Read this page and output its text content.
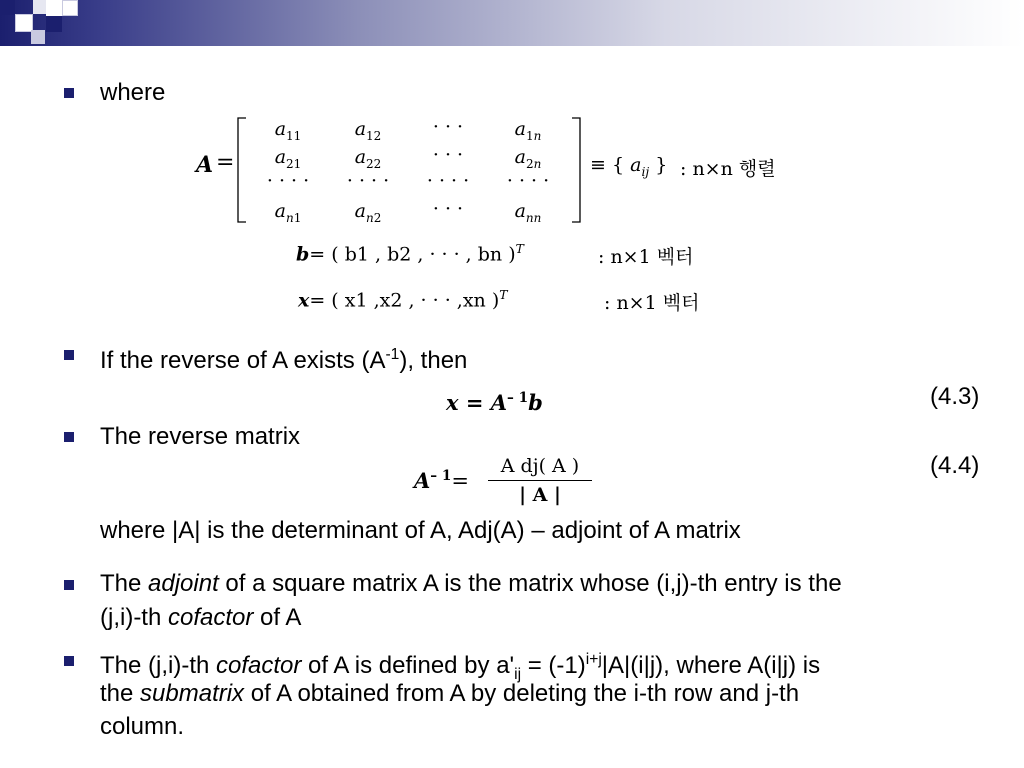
where
A =
$a_{11}$	$a_{12}$	· · ·	$a_{1n}$
$a_{21}$	$a_{22}$	· · ·	$a_{2n}$
· · · ·	· · · ·	· · · ·	· · · ·
$a_{n1}$	$a_{n2}$	· · ·	$a_{nn}$
≡ { $a_{ij}$ } : n×n 행렬
b= ( b1 , b2 , · · · , bn )$^T$	: n×1 벡터
x= ( x1 ,x2 , · · · ,xn )$^T$	: n×1 벡터
If the reverse of A exists $(A^{-1})$, then
$x = A^{- 1}b$	(4.3)
The reverse matrix
$A^{- 1}=$
A dj( A )
| A |
(4.4)
where |A| is the determinant of A, Adj(A) – adjoint of A matrix
The adjoint of a square matrix A is the matrix whose (i,j)-th entry is the
(j,i)-th cofactor of A
The (j,i)-th cofactor of A is defined by $a'_{ij} = (-1)^{i+j}|A|(i|j)$, where A(i|j) is
the submatrix of A obtained from A by deleting the i-th row and j-th
column.
